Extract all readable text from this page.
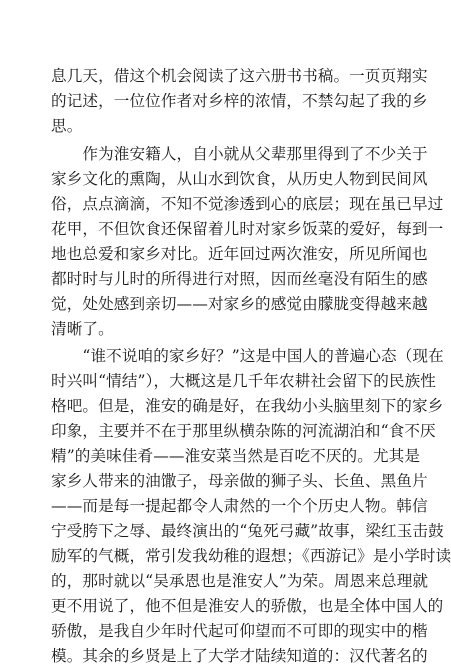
息几天，借这个机会阅读了这六册书书稿。一页页翔实
的记述，一位位作者对乡梓的浓情，不禁勾起了我的乡
思。
　　作为淮安籍人，自小就从父辈那里得到了不少关于
家乡文化的熏陶，从山水到饮食，从历史人物到民间风
俗，点点滴滴，不知不觉渗透到心的底层；现在虽已早过
花甲，不但饮食还保留着儿时对家乡饭菜的爱好，每到一
地也总爱和家乡对比。近年回过两次淮安，所见所闻也
都时时与儿时的所得进行对照，因而丝毫没有陌生的感
觉，处处感到亲切——对家乡的感觉由朦胧变得越来越
清晰了。
　　“谁不说咱的家乡好？”这是中国人的普遍心态（现在
时兴叫“情结”），大概这是几千年农耕社会留下的民族性
格吧。但是，淮安的确是好，在我幼小头脑里刻下的家乡
印象，主要并不在于那里纵横杂陈的河流湖泊和“食不厌
精”的美味佳肴——淮安菜当然是百吃不厌的。尤其是
家乡人带来的油馓子，母亲做的狮子头、长鱼、黑鱼片
——而是每一提起都令人肃然的一个个历史人物。韩信
宁受胯下之辱、最终演出的“兔死弓藏”故事，梁红玉击鼓
励军的气概，常引发我幼稚的遐想；《西游记》是小学时读
的，那时就以“吴承恩也是淮安人”为荣。周恩来总理就
更不用说了，他不但是淮安人的骄傲，也是全体中国人的
骄傲，是我自少年时代起可仰望而不可即的现实中的楷
模。其余的乡贤是上了大学才陆续知道的：汉代著名的
